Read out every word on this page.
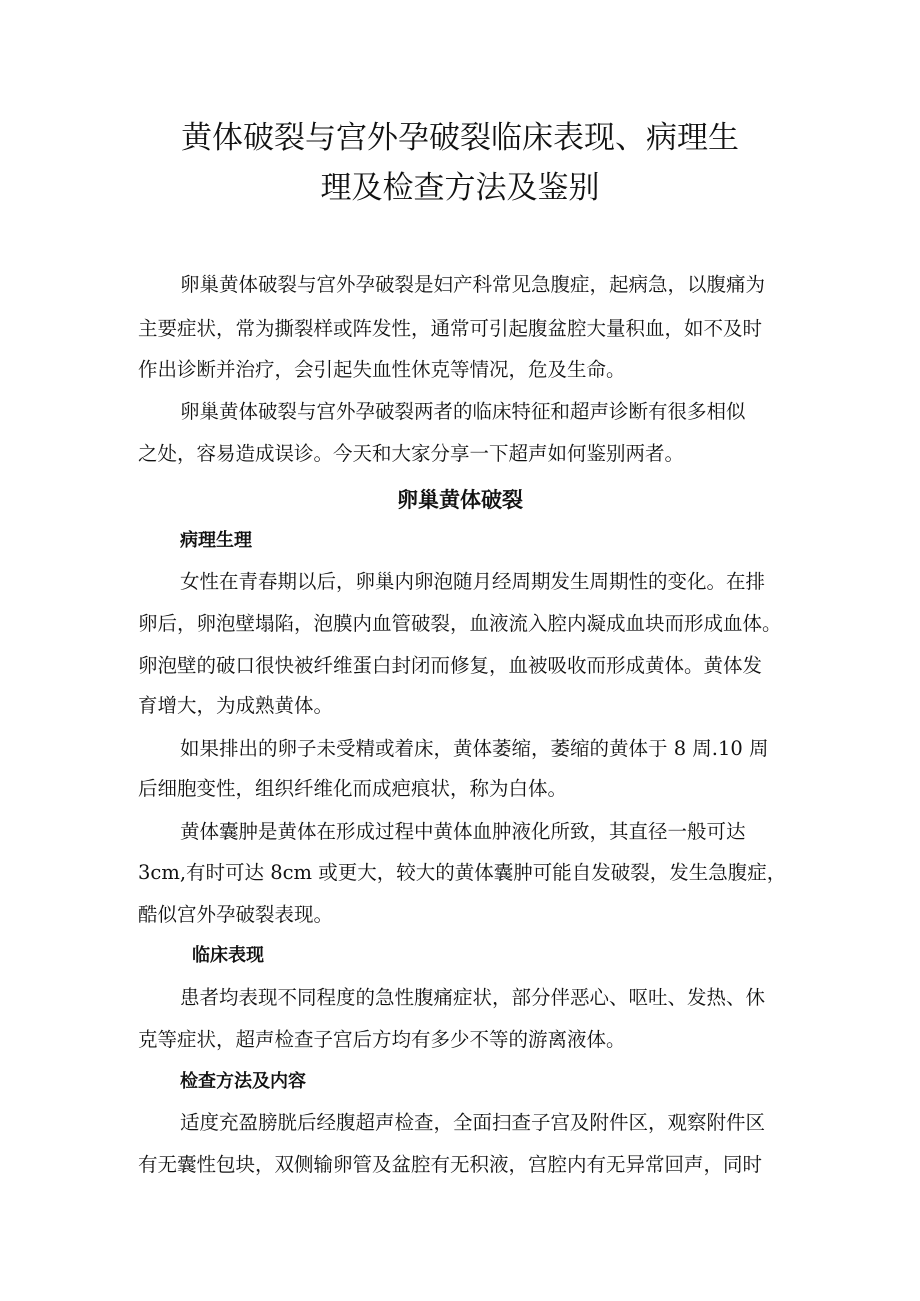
黄体破裂与宫外孕破裂临床表现、病理生
理及检查方法及鉴别

卵巢黄体破裂与宫外孕破裂是妇产科常见急腹症，起病急，以腹痛为

主要症状，常为撕裂样或阵发性，通常可引起腹盆腔大量积血，如不及时

作出诊断并治疗，会引起失血性休克等情况，危及生命。

卵巢黄体破裂与宫外孕破裂两者的临床特征和超声诊断有很多相似

之处，容易造成误诊。今天和大家分享一下超声如何鉴别两者。

卵巢黄体破裂
病理生理

女性在青春期以后，卵巢内卵泡随月经周期发生周期性的变化。在排

卵后，卵泡壁塌陷，泡膜内血管破裂，血液流入腔内凝成血块而形成血体。

卵泡壁的破口很快被纤维蛋白封闭而修复，血被吸收而形成黄体。黄体发

育增大，为成熟黄体。

如果排出的卵子未受精或着床，黄体萎缩，萎缩的黄体于 8 周.10 周

后细胞变性，组织纤维化而成疤痕状，称为白体。

黄体囊肿是黄体在形成过程中黄体血肿液化所致，其直径一般可达

3cm,有时可达 8cm 或更大，较大的黄体囊肿可能自发破裂，发生急腹症，

酷似宫外孕破裂表现。

临床表现

患者均表现不同程度的急性腹痛症状，部分伴恶心、呕吐、发热、休

克等症状，超声检查子宫后方均有多少不等的游离液体。

检查方法及内容

适度充盈膀胱后经腹超声检查，全面扫查子宫及附件区，观察附件区

有无囊性包块，双侧输卵管及盆腔有无积液，宫腔内有无异常回声，同时
